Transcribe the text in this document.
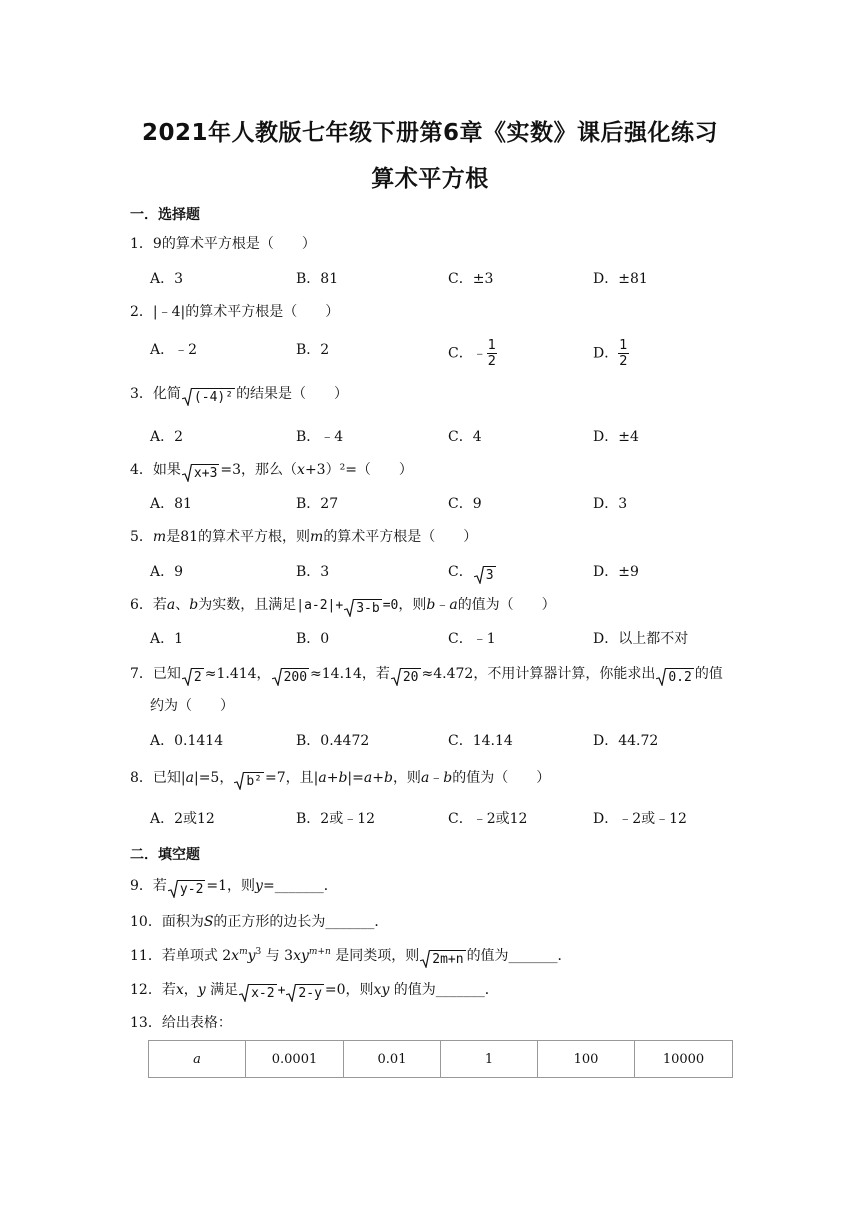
2021年人教版七年级下册第6章《实数》课后强化练习
算术平方根
一．选择题
1．9的算术平方根是（　　）
A．3	B．81	C．±3	D．±81
2．|﹣4|的算术平方根是（　　）
A．﹣2	B．2	C．﹣ $\frac{1}{2}$	D． $\frac{1}{2}$
3．化简 (-4)² 的结果是（　　）
A．2	B．﹣4	C．4	D．±4
4．如果 x+3 =3，那么（x+3）²=（　　）
A．81	B．27	C．9	D．3
5．m是81的算术平方根，则m的算术平方根是（　　）
A．9	B．3	C． 3	D．±9
6．若a、b为实数，且满足|a-2|+ 3-b =0，则b﹣a的值为（　　）
A．1	B．0	C．﹣1	D．以上都不对
7．已知 2 ≈1.414， 200 ≈14.14，若 20 ≈4.472，不用计算器计算，你能求出 0.2 的值
约为（　　）
A．0.1414	B．0.4472	C．14.14	D．44.72
8．已知|a|=5， b² =7，且|a+b|=a+b，则a﹣b的值为（　　）
A．2或12	B．2或﹣12	C．﹣2或12	D．﹣2或﹣12
二．填空题
9．若 y-2 =1，则y=_______．
10．面积为S的正方形的边长为_______．
11．若单项式 $2x^my^3$ 与 $3xy^{m+n}$ 是同类项，则 2m+n 的值为_______．
12．若x，y 满足 x-2 + 2-y =0，则xy 的值为_______．
13．给出表格：
a	0.0001	0.01	1	100	10000
